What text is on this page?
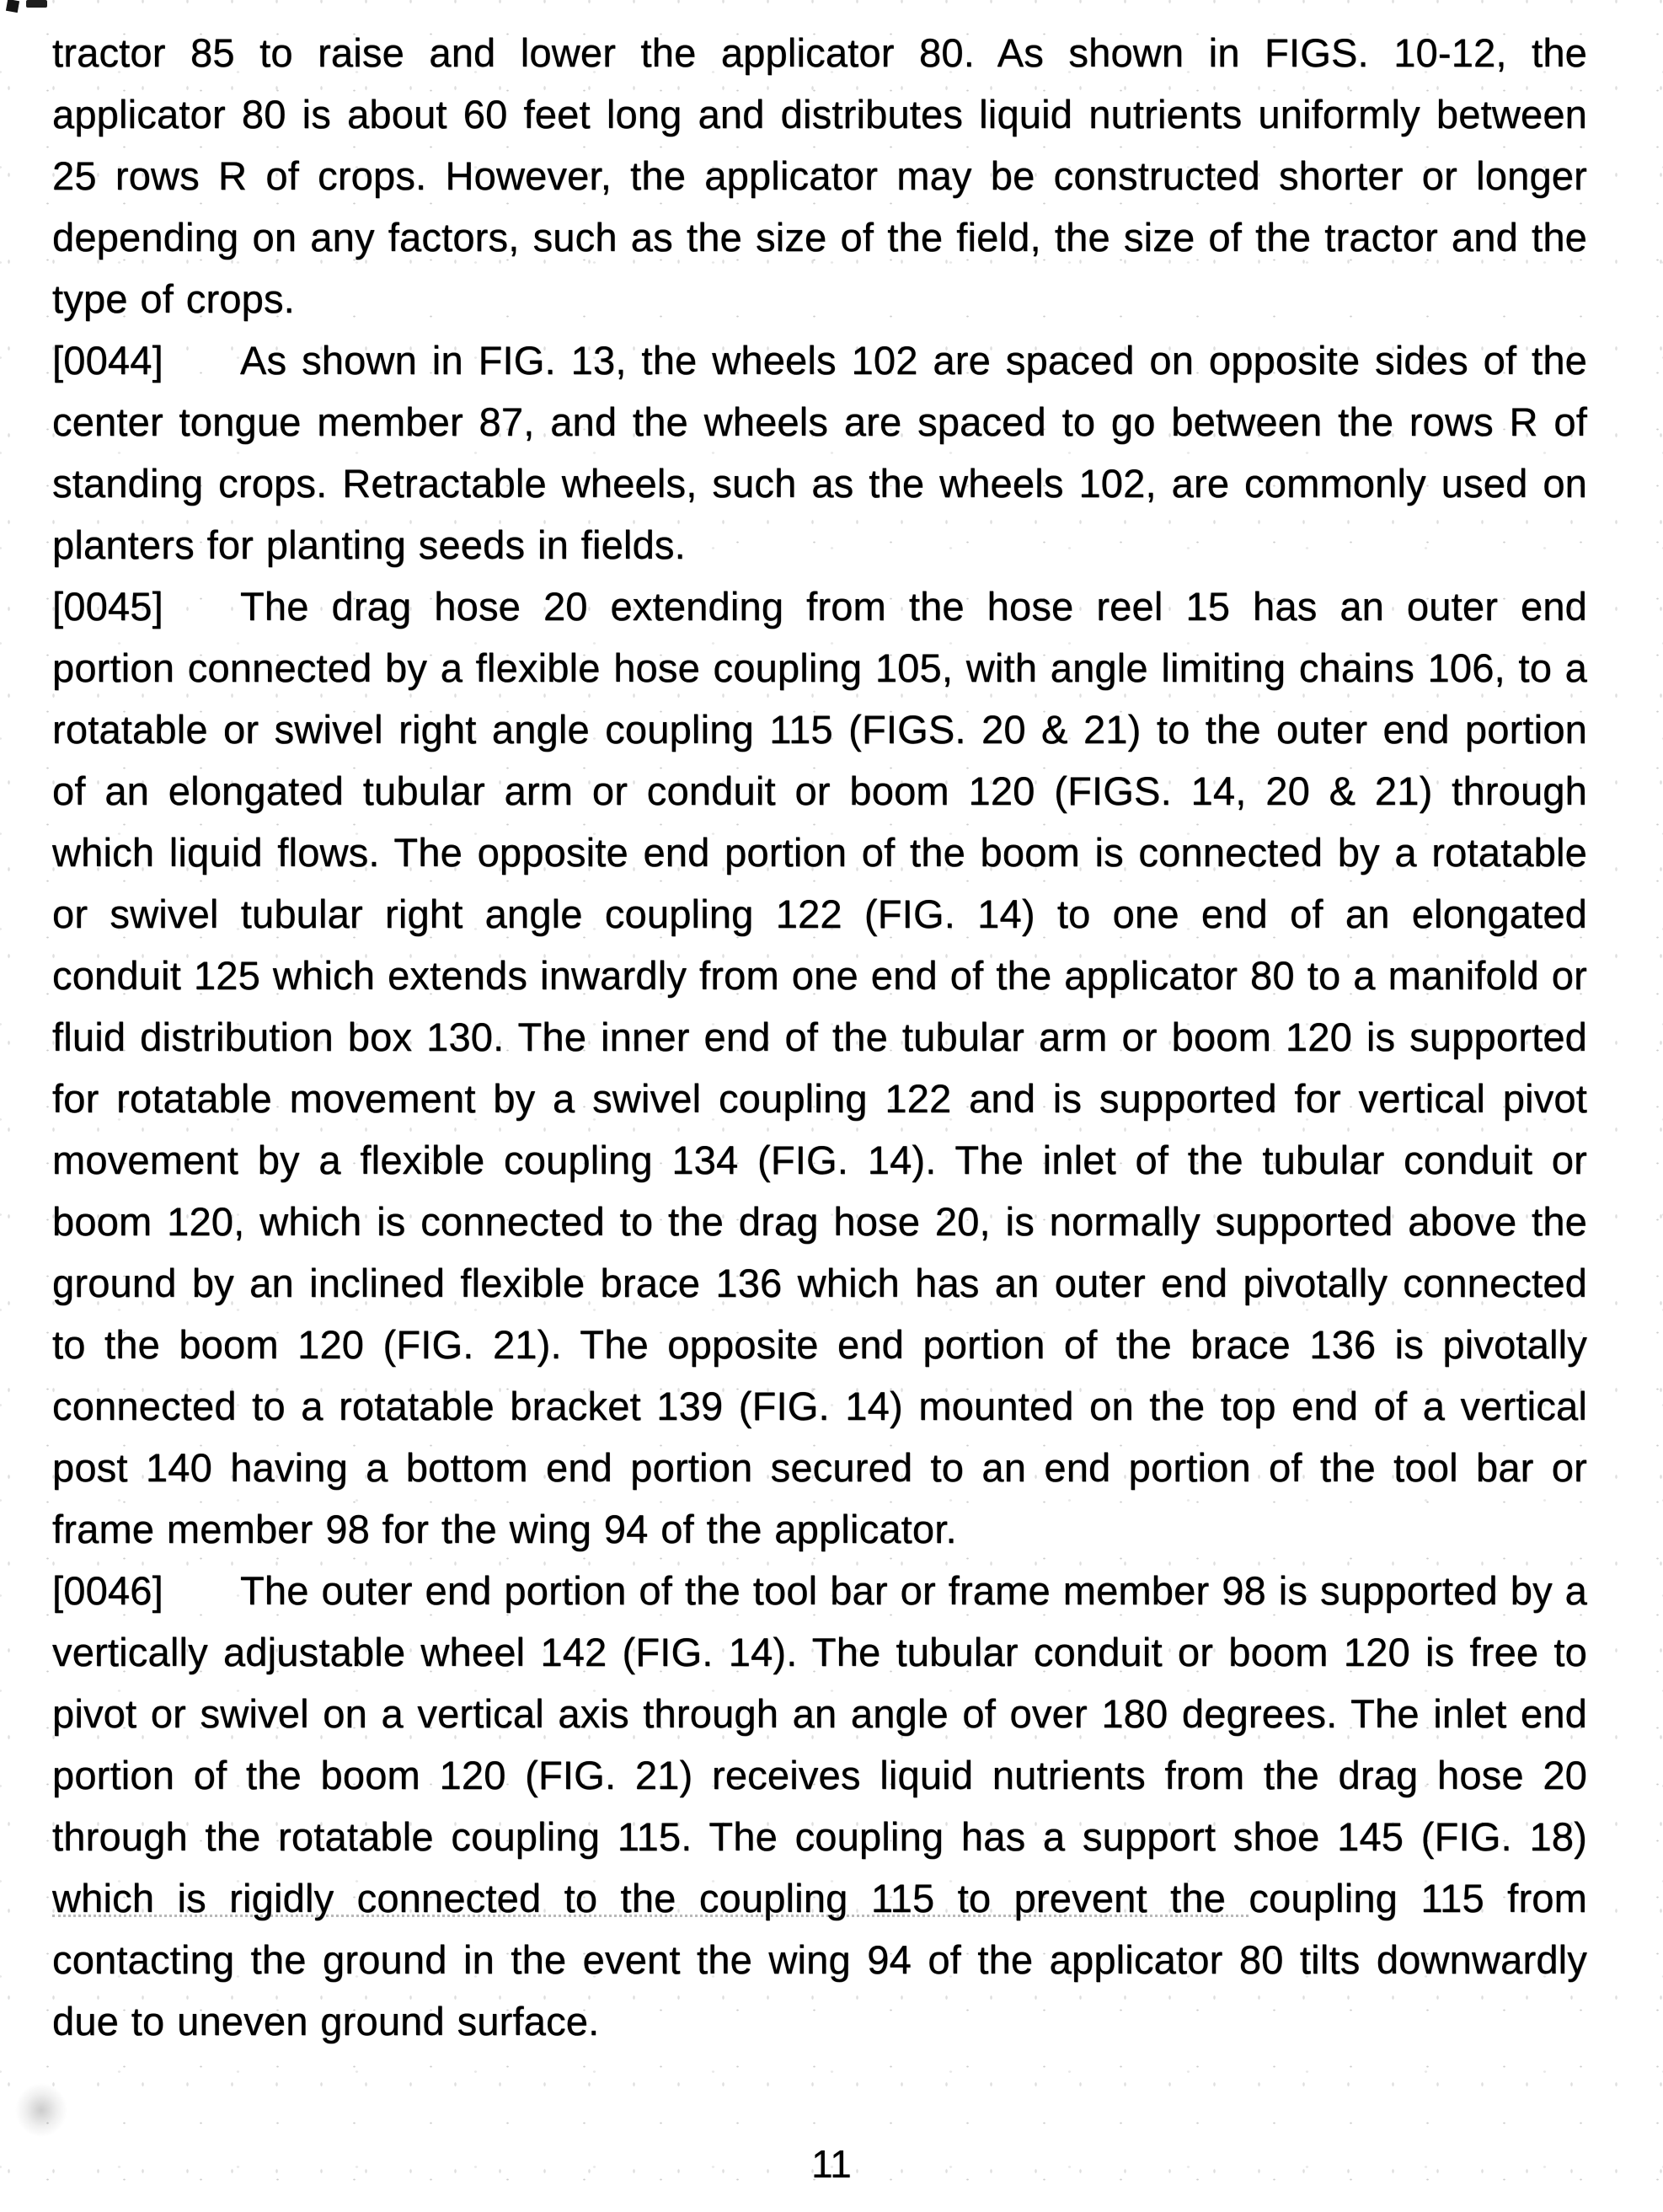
tractor 85 to raise and lower the applicator 80. As shown in FIGS. 10-12, the applicator 80 is about 60 feet long and distributes liquid nutrients uniformly between 25 rows R of crops. However, the applicator may be constructed shorter or longer depending on any factors, such as the size of the field, the size of the tractor and the type of crops.

[0044] As shown in FIG. 13, the wheels 102 are spaced on opposite sides of the center tongue member 87, and the wheels are spaced to go between the rows R of standing crops. Retractable wheels, such as the wheels 102, are commonly used on planters for planting seeds in fields.

[0045] The drag hose 20 extending from the hose reel 15 has an outer end portion connected by a flexible hose coupling 105, with angle limiting chains 106, to a rotatable or swivel right angle coupling 115 (FIGS. 20 & 21) to the outer end portion of an elongated tubular arm or conduit or boom 120 (FIGS. 14, 20 & 21) through which liquid flows. The opposite end portion of the boom is connected by a rotatable or swivel tubular right angle coupling 122 (FIG. 14) to one end of an elongated conduit 125 which extends inwardly from one end of the applicator 80 to a manifold or fluid distribution box 130. The inner end of the tubular arm or boom 120 is supported for rotatable movement by a swivel coupling 122 and is supported for vertical pivot movement by a flexible coupling 134 (FIG. 14). The inlet of the tubular conduit or boom 120, which is connected to the drag hose 20, is normally supported above the ground by an inclined flexible brace 136 which has an outer end pivotally connected to the boom 120 (FIG. 21). The opposite end portion of the brace 136 is pivotally connected to a rotatable bracket 139 (FIG. 14) mounted on the top end of a vertical post 140 having a bottom end portion secured to an end portion of the tool bar or frame member 98 for the wing 94 of the applicator.

[0046] The outer end portion of the tool bar or frame member 98 is supported by a vertically adjustable wheel 142 (FIG. 14). The tubular conduit or boom 120 is free to pivot or swivel on a vertical axis through an angle of over 180 degrees. The inlet end portion of the boom 120 (FIG. 21) receives liquid nutrients from the drag hose 20 through the rotatable coupling 115. The coupling has a support shoe 145 (FIG. 18) which is rigidly connected to the coupling 115 to prevent the coupling 115 from contacting the ground in the event the wing 94 of the applicator 80 tilts downwardly due to uneven ground surface.

11
